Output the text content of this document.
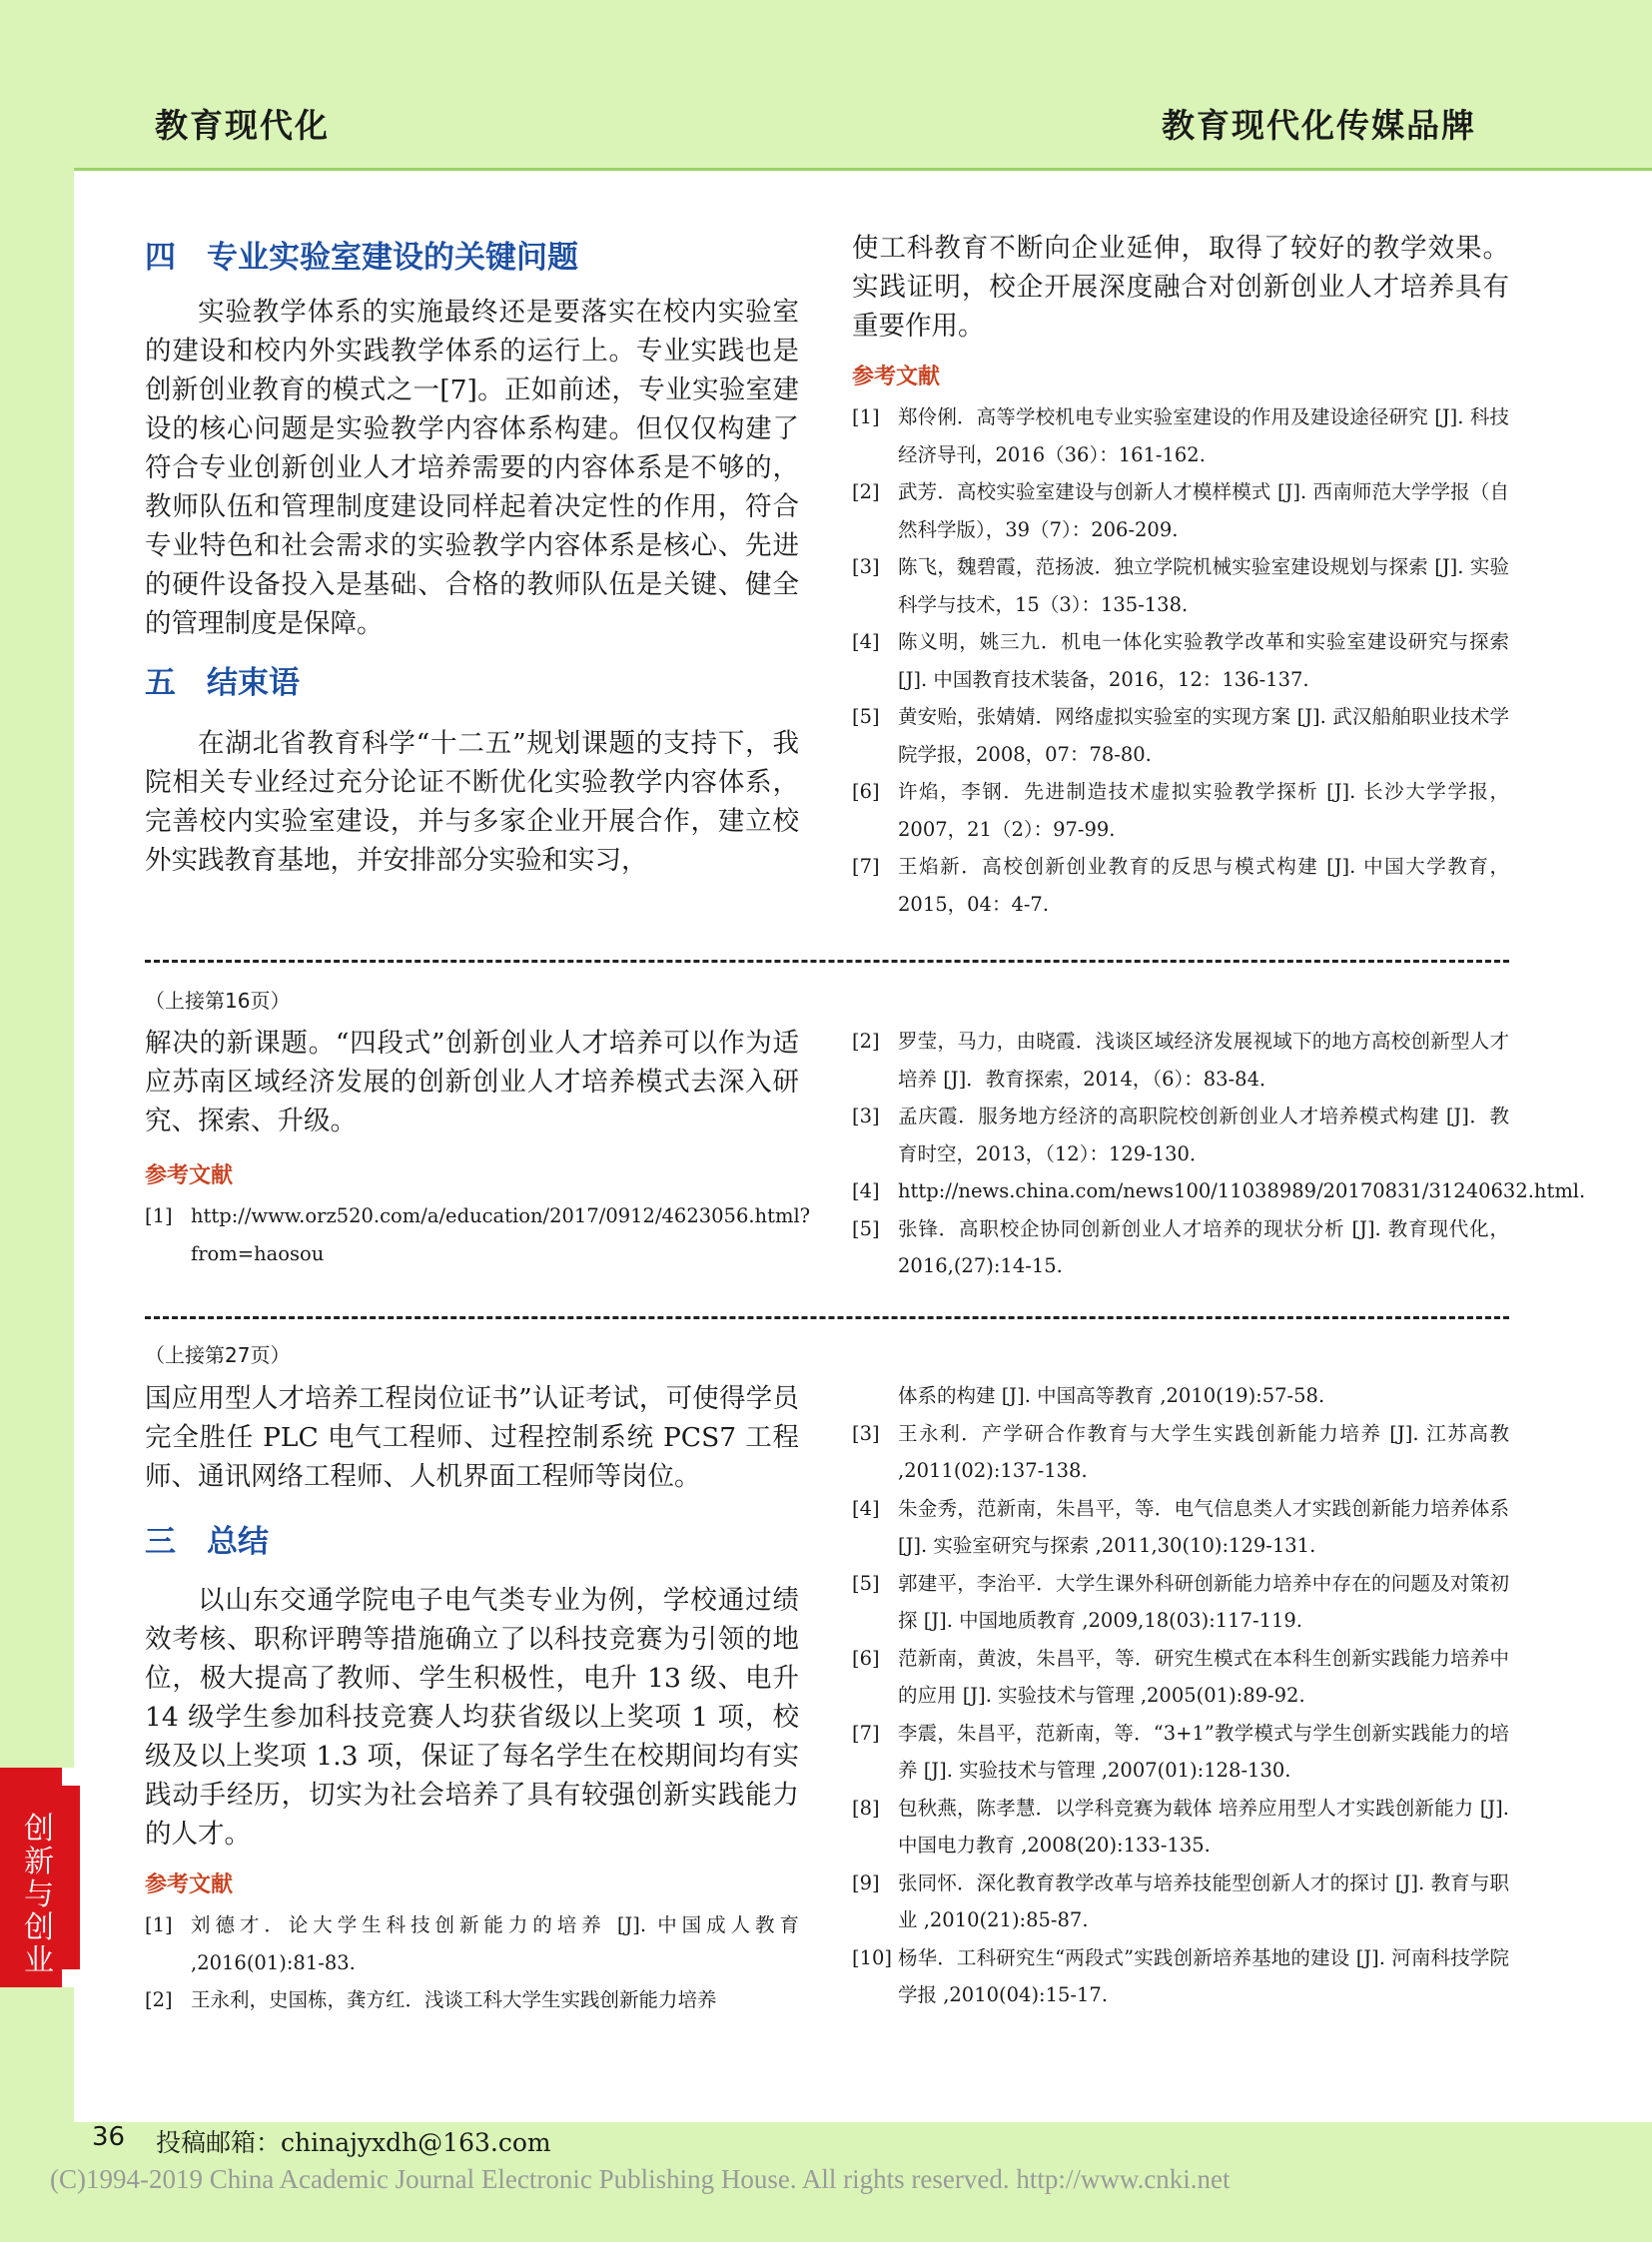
教育现代化	教育现代化传媒品牌
创新与创业
四 专业实验室建设的关键问题

实验教学体系的实施最终还是要落实在校内实验室的建设和校内外实践教学体系的运行上。专业实践也是创新创业教育的模式之一[7]。正如前述，专业实验室建设的核心问题是实验教学内容体系构建。但仅仅构建了符合专业创新创业人才培养需要的内容体系是不够的，教师队伍和管理制度建设同样起着决定性的作用，符合专业特色和社会需求的实验教学内容体系是核心、先进的硬件设备投入是基础、合格的教师队伍是关键、健全的管理制度是保障。

五 结束语

在湖北省教育科学“十二五”规划课题的支持下，我院相关专业经过充分论证不断优化实验教学内容体系，完善校内实验室建设，并与多家企业开展合作，建立校外实践教育基地，并安排部分实验和实习，

使工科教育不断向企业延伸，取得了较好的教学效果。实践证明，校企开展深度融合对创新创业人才培养具有重要作用。

参考文献
[1] 郑伶俐．高等学校机电专业实验室建设的作用及建设途径研究 [J]. 科技经济导刊，2016（36）：161-162.
[2] 武芳．高校实验室建设与创新人才模样模式 [J]. 西南师范大学学报（自然科学版），39（7）：206-209.
[3] 陈飞，魏碧霞，范扬波．独立学院机械实验室建设规划与探索 [J]. 实验科学与技术，15（3）：135-138.
[4] 陈义明，姚三九．机电一体化实验教学改革和实验室建设研究与探索 [J]. 中国教育技术装备，2016，12：136-137.
[5] 黄安贻，张婧婧．网络虚拟实验室的实现方案 [J]. 武汉船舶职业技术学院学报，2008，07：78-80.
[6] 许焰，李钢．先进制造技术虚拟实验教学探析 [J]. 长沙大学学报，2007，21（2）：97-99.
[7] 王焰新．高校创新创业教育的反思与模式构建 [J]. 中国大学教育，2015，04：4-7.
（上接第16页）

解决的新课题。“四段式”创新创业人才培养可以作为适应苏南区域经济发展的创新创业人才培养模式去深入研究、探索、升级。

参考文献
[1] http://www.orz520.com/a/education/2017/0912/4623056.html?from=haosou
[2] 罗莹，马力，由晓霞．浅谈区域经济发展视域下的地方高校创新型人才培养 [J]．教育探索，2014，（6）：83-84．
[3] 孟庆霞．服务地方经济的高职院校创新创业人才培养模式构建 [J]．教育时空，2013，（12）：129-130．
[4] http://news.china.com/news100/11038989/20170831/31240632.html.
[5] 张锋．高职校企协同创新创业人才培养的现状分析 [J]. 教育现代化，2016,(27):14-15.
（上接第27页）

国应用型人才培养工程岗位证书”认证考试，可使得学员完全胜任 PLC 电气工程师、过程控制系统 PCS7 工程师、通讯网络工程师、人机界面工程师等岗位。

三 总结

以山东交通学院电子电气类专业为例，学校通过绩效考核、职称评聘等措施确立了以科技竞赛为引领的地位，极大提高了教师、学生积极性，电升 13 级、电升 14 级学生参加科技竞赛人均获省级以上奖项 1 项，校级及以上奖项 1.3 项，保证了每名学生在校期间均有实践动手经历，切实为社会培养了具有较强创新实践能力的人才。

参考文献
[1] 刘德才．论大学生科技创新能力的培养 [J]. 中国成人教育 ,2016(01):81-83.
[2] 王永利，史国栋，龚方红．浅谈工科大学生实践创新能力培养
体系的构建 [J]. 中国高等教育 ,2010(19):57-58.
[3] 王永利．产学研合作教育与大学生实践创新能力培养 [J]. 江苏高教 ,2011(02):137-138.
[4] 朱金秀，范新南，朱昌平，等．电气信息类人才实践创新能力培养体系 [J]. 实验室研究与探索 ,2011,30(10):129-131.
[5] 郭建平，李治平．大学生课外科研创新能力培养中存在的问题及对策初探 [J]. 中国地质教育 ,2009,18(03):117-119.
[6] 范新南，黄波，朱昌平，等．研究生模式在本科生创新实践能力培养中的应用 [J]. 实验技术与管理 ,2005(01):89-92.
[7] 李震，朱昌平，范新南，等．“3+1”教学模式与学生创新实践能力的培养 [J]. 实验技术与管理 ,2007(01):128-130.
[8] 包秋燕，陈孝慧．以学科竞赛为载体 培养应用型人才实践创新能力 [J]. 中国电力教育 ,2008(20):133-135.
[9] 张同怀．深化教育教学改革与培养技能型创新人才的探讨 [J]. 教育与职业 ,2010(21):85-87.
[10] 杨华．工科研究生“两段式”实践创新培养基地的建设 [J]. 河南科技学院学报 ,2010(04):15-17.
36 投稿邮箱：chinajyxdh@163.com
(C)1994-2019 China Academic Journal Electronic Publishing House. All rights reserved. http://www.cnki.net
